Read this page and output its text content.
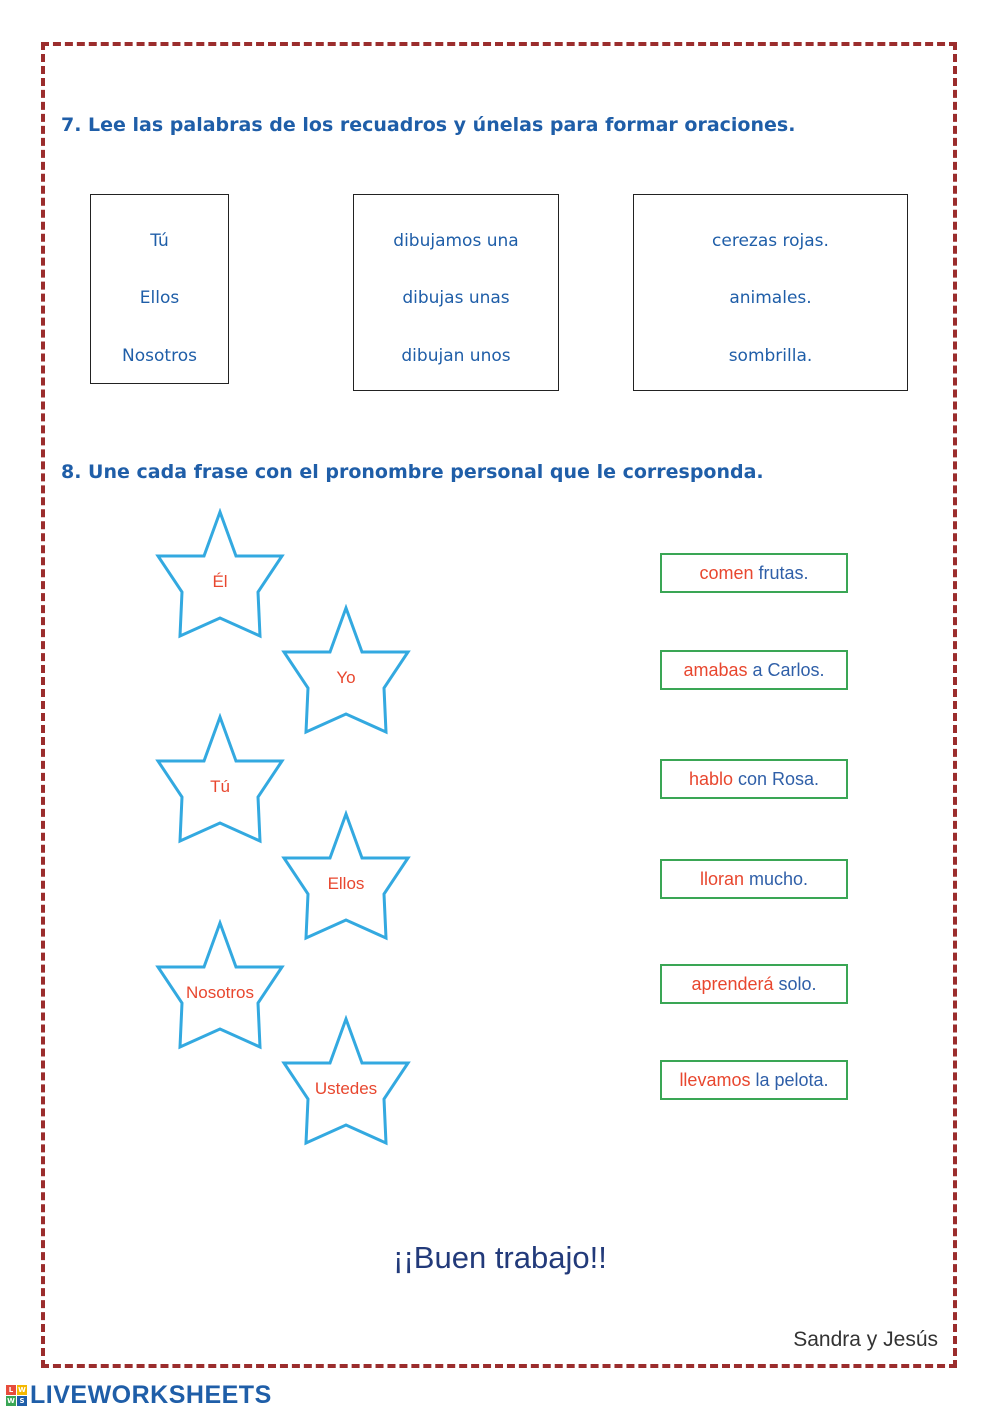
7. Lee las palabras de los recuadros y únelas para formar oraciones.

Tú
Ellos
Nosotros
dibujamos una
dibujas unas
dibujan unos
cerezas rojas.
animales.
sombrilla.

8. Une cada frase con el pronombre personal que le corresponda.

Él
Yo
Tú
Ellos
Nosotros
Ustedes
comen
frutas.
amabas
a Carlos.
hablo
con Rosa.
lloran
mucho.
aprenderá
solo.
llevamos
la pelota.
¡¡Buen trabajo!!
Sandra y Jesús
L W
W S LIVEWORKSHEETS
